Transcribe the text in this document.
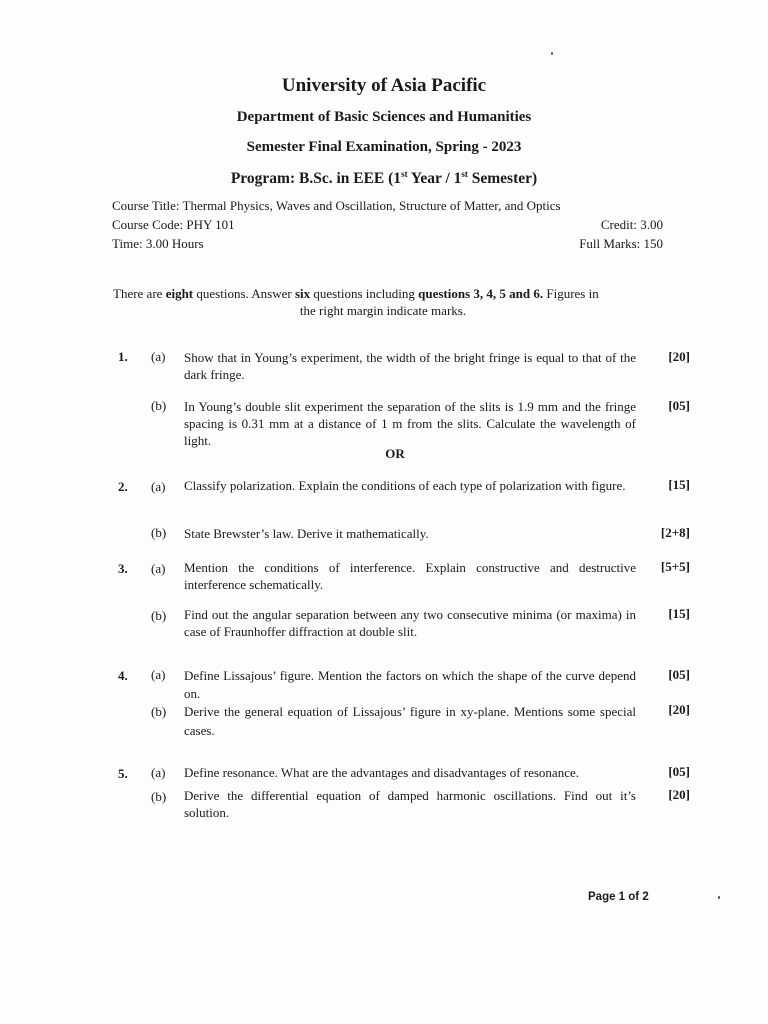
University of Asia Pacific
Department of Basic Sciences and Humanities
Semester Final Examination, Spring - 2023
Program: B.Sc. in EEE (1st Year / 1st Semester)
Course Title: Thermal Physics, Waves and Oscillation, Structure of Matter, and Optics
Course Code: PHY 101	Credit: 3.00
Time: 3.00 Hours	Full Marks: 150
There are eight questions. Answer six questions including questions 3, 4, 5 and 6. Figures in
the right margin indicate marks.
1. (a) Show that in Young’s experiment, the width of the bright fringe is equal to that of the dark fringe.
[20]
(b) In Young’s double slit experiment the separation of the slits is 1.9 mm and the fringe spacing is 0.31 mm at a distance of 1 m from the slits. Calculate the wavelength of light.
[05]
OR
2. (a) Classify polarization. Explain the conditions of each type of polarization with figure.	[15]
(b) State Brewster’s law. Derive it mathematically.	[2+8]
3. (a) Mention the conditions of interference. Explain constructive and destructive interference schematically.
[5+5]
(b) Find out the angular separation between any two consecutive minima (or maxima) in case of Fraunhoffer diffraction at double slit.
[15]
4. (a) Define Lissajous’ figure. Mention the factors on which the shape of the curve depend on.
[05]
(b) Derive the general equation of Lissajous’ figure in xy-plane. Mentions some special cases.
[20]
5. (a) Define resonance. What are the advantages and disadvantages of resonance.	[05]
(b) Derive the differential equation of damped harmonic oscillations. Find out it’s solution.
[20]
Page 1 of 2
